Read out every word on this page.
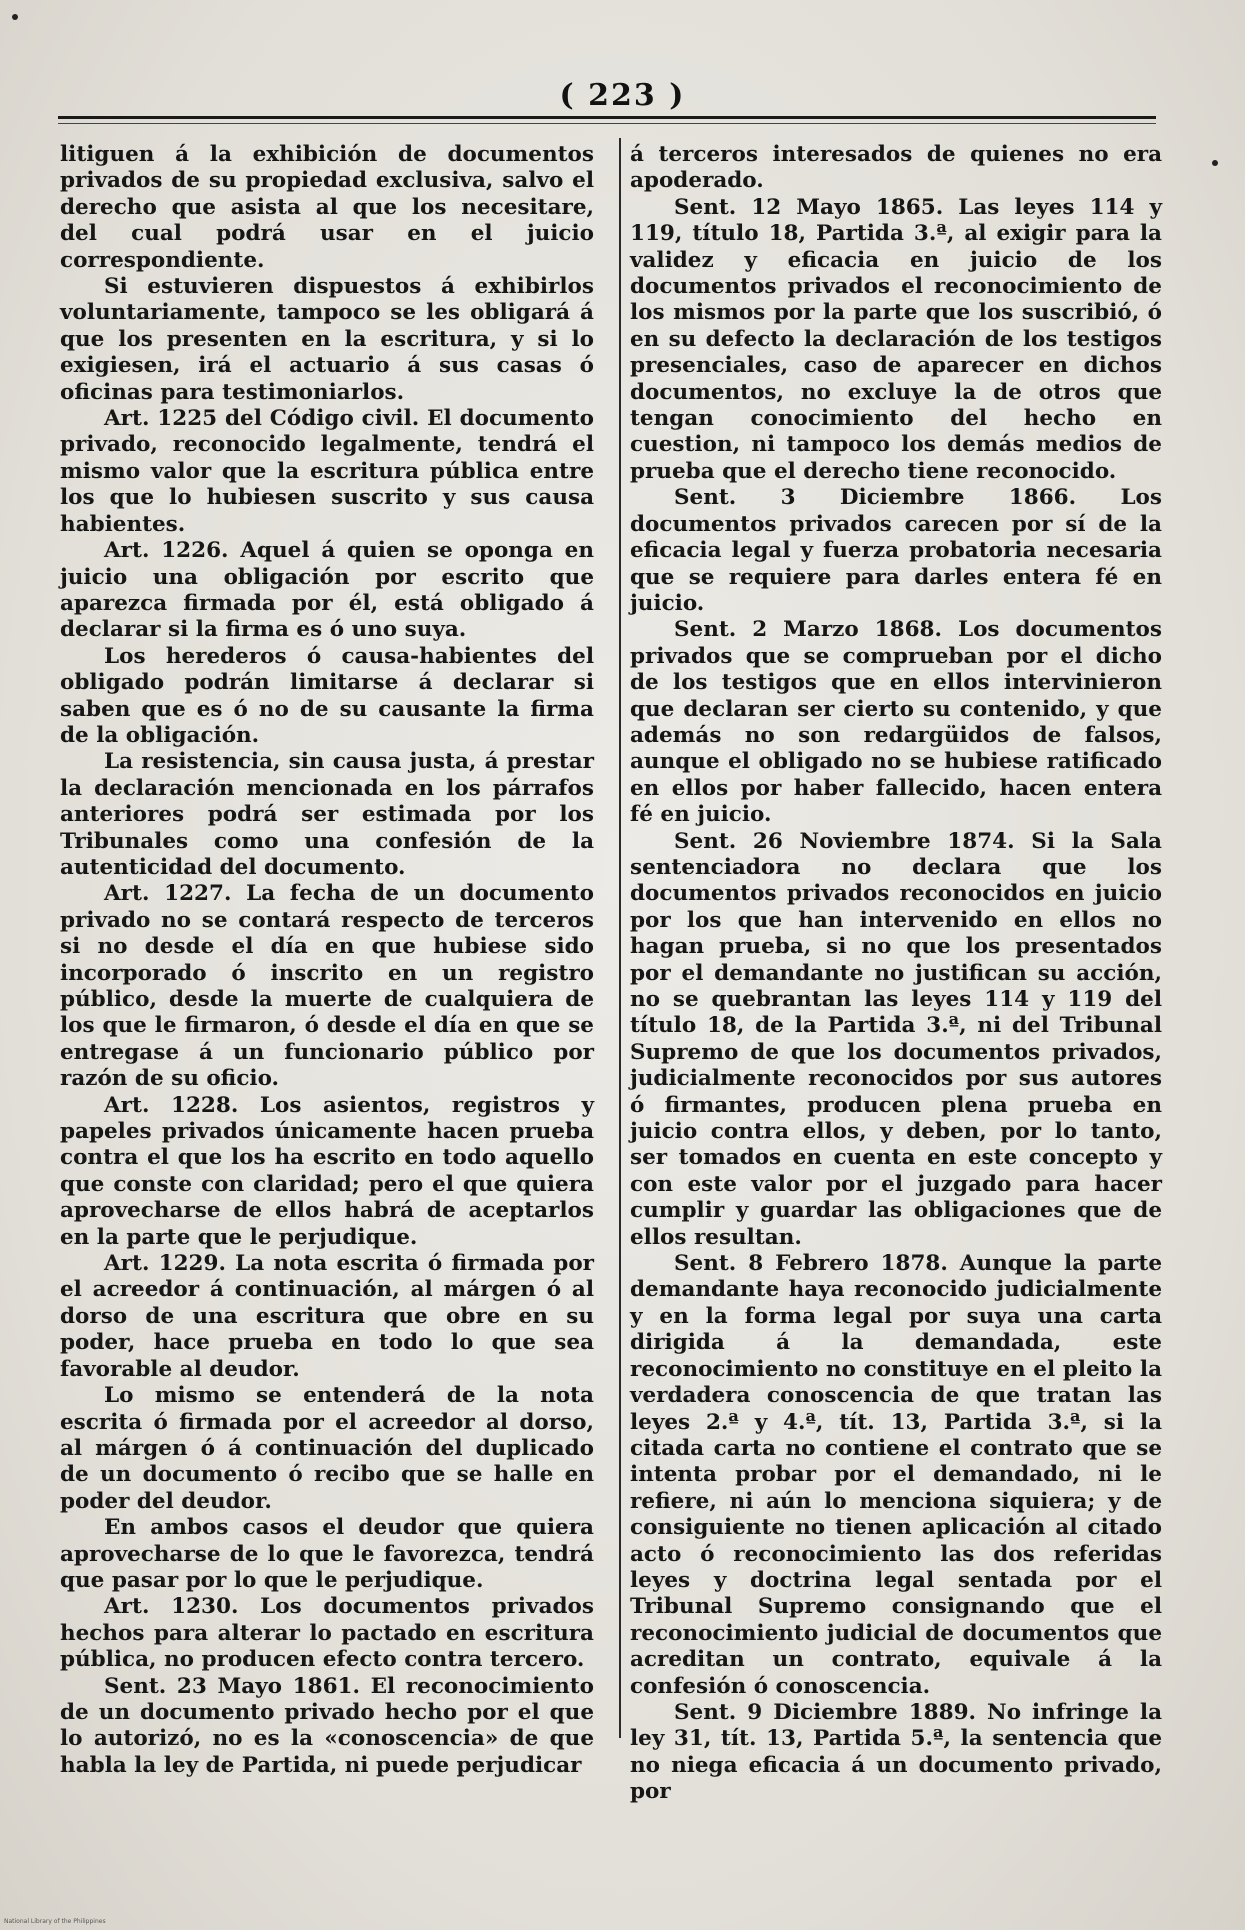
( 223 )

litiguen á la exhibición de documentos privados de su propiedad exclusiva, salvo el derecho que asista al que los necesitare, del cual podrá usar en el juicio correspondiente.

Si estuvieren dispuestos á exhibirlos voluntariamente, tampoco se les obligará á que los presenten en la escritura, y si lo exigiesen, irá el actuario á sus casas ó oficinas para testimoniarlos.

Art. 1225 del Código civil. El documento privado, reconocido legalmente, tendrá el mismo valor que la escritura pública entre los que lo hubiesen suscrito y sus causa habientes.

Art. 1226. Aquel á quien se oponga en juicio una obligación por escrito que aparezca firmada por él, está obligado á declarar si la firma es ó uno suya.

Los herederos ó causa-habientes del obligado podrán limitarse á declarar si saben que es ó no de su causante la firma de la obligación.

La resistencia, sin causa justa, á prestar la declaración mencionada en los párrafos anteriores podrá ser estimada por los Tribunales como una confesión de la autenticidad del documento.

Art. 1227. La fecha de un documento privado no se contará respecto de terceros si no desde el día en que hubiese sido incorporado ó inscrito en un registro público, desde la muerte de cualquiera de los que le firmaron, ó desde el día en que se entregase á un funcionario público por razón de su oficio.

Art. 1228. Los asientos, registros y papeles privados únicamente hacen prueba contra el que los ha escrito en todo aquello que conste con claridad; pero el que quiera aprovecharse de ellos habrá de aceptarlos en la parte que le perjudique.

Art. 1229. La nota escrita ó firmada por el acreedor á continuación, al márgen ó al dorso de una escritura que obre en su poder, hace prueba en todo lo que sea favorable al deudor.

Lo mismo se entenderá de la nota escrita ó firmada por el acreedor al dorso, al márgen ó á continuación del duplicado de un documento ó recibo que se halle en poder del deudor.

En ambos casos el deudor que quiera aprovecharse de lo que le favorezca, tendrá que pasar por lo que le perjudique.

Art. 1230. Los documentos privados hechos para alterar lo pactado en escritura pública, no producen efecto contra tercero.

Sent. 23 Mayo 1861. El reconocimiento de un documento privado hecho por el que lo autorizó, no es la «conoscencia» de que habla la ley de Partida, ni puede perjudicar

á terceros interesados de quienes no era apoderado.

Sent. 12 Mayo 1865. Las leyes 114 y 119, título 18, Partida 3.ª, al exigir para la validez y eficacia en juicio de los documentos privados el reconocimiento de los mismos por la parte que los suscribió, ó en su defecto la declaración de los testigos presenciales, caso de aparecer en dichos documentos, no excluye la de otros que tengan conocimiento del hecho en cuestion, ni tampoco los demás medios de prueba que el derecho tiene reconocido.

Sent. 3 Diciembre 1866. Los documentos privados carecen por sí de la eficacia legal y fuerza probatoria necesaria que se requiere para darles entera fé en juicio.

Sent. 2 Marzo 1868. Los documentos privados que se comprueban por el dicho de los testigos que en ellos intervinieron que declaran ser cierto su contenido, y que además no son redargüidos de falsos, aunque el obligado no se hubiese ratificado en ellos por haber fallecido, hacen entera fé en juicio.

Sent. 26 Noviembre 1874. Si la Sala sentenciadora no declara que los documentos privados reconocidos en juicio por los que han intervenido en ellos no hagan prueba, si no que los presentados por el demandante no justifican su acción, no se quebrantan las leyes 114 y 119 del título 18, de la Partida 3.ª, ni del Tribunal Supremo de que los documentos privados, judicialmente reconocidos por sus autores ó firmantes, producen plena prueba en juicio contra ellos, y deben, por lo tanto, ser tomados en cuenta en este concepto y con este valor por el juzgado para hacer cumplir y guardar las obligaciones que de ellos resultan.

Sent. 8 Febrero 1878. Aunque la parte demandante haya reconocido judicialmente y en la forma legal por suya una carta dirigida á la demandada, este reconocimiento no constituye en el pleito la verdadera conoscencia de que tratan las leyes 2.ª y 4.ª, tít. 13, Partida 3.ª, si la citada carta no contiene el contrato que se intenta probar por el demandado, ni le refiere, ni aún lo menciona siquiera; y de consiguiente no tienen aplicación al citado acto ó reconocimiento las dos referidas leyes y doctrina legal sentada por el Tribunal Supremo consignando que el reconocimiento judicial de documentos que acreditan un contrato, equivale á la confesión ó conoscencia.

Sent. 9 Diciembre 1889. No infringe la ley 31, tít. 13, Partida 5.ª, la sentencia que no niega eficacia á un documento privado, por

National Library of the Philippines
